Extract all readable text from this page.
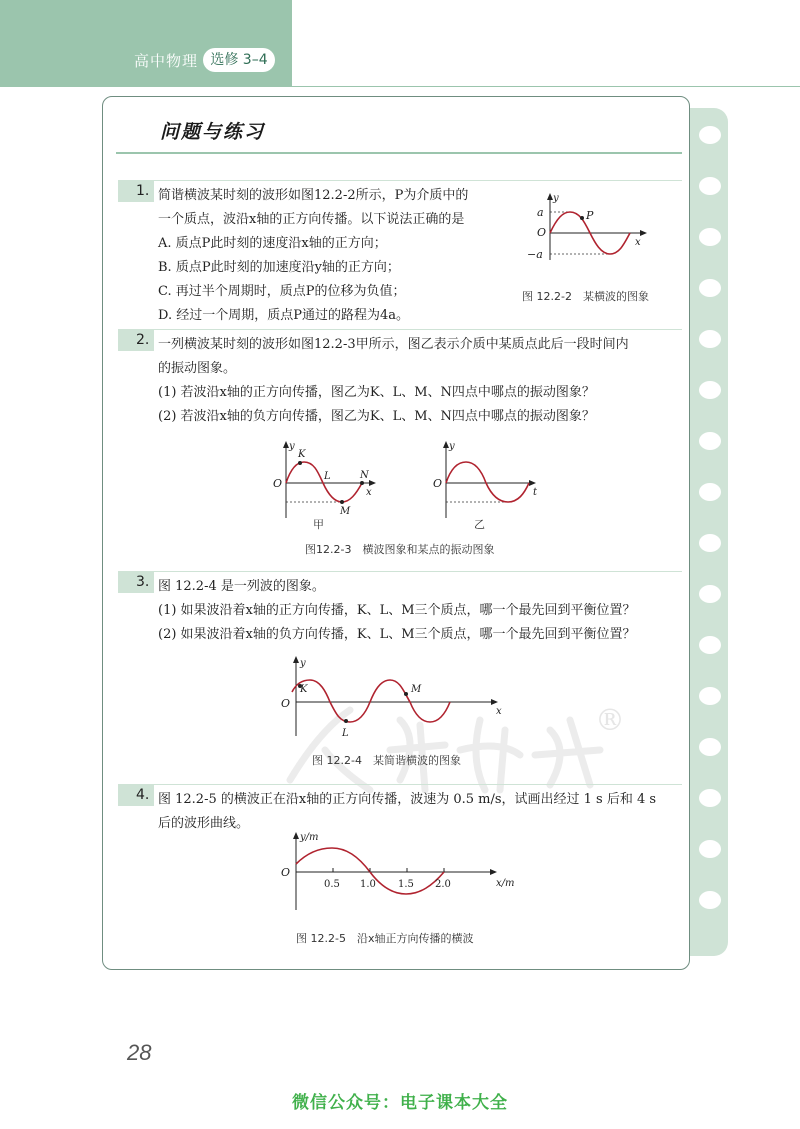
高中物理 选修 3–4
问题与练习
®
1. 简谐横波某时刻的波形如图12.2-2所示，P为介质中的
一个质点，波沿x轴的正方向传播。以下说法正确的是
A. 质点P此时刻的速度沿x轴的正方向；
B. 质点P此时刻的加速度沿y轴的正方向；
C. 再过半个周期时，质点P的位移为负值；
D. 经过一个周期，质点P通过的路程为4a。
y
x
O
a
−a
P
图 12.2-2　某横波的图象
2. 一列横波某时刻的波形如图12.2-3甲所示，图乙表示介质中某质点此后一段时间内
的振动图象。
(1) 若波沿x轴的正方向传播，图乙为K、L、M、N四点中哪点的振动图象？
(2) 若波沿x轴的负方向传播，图乙为K、L、M、N四点中哪点的振动图象？
y
x
O
K
L
M
N
甲
y
t
O
乙
图12.2-3　横波图象和某点的振动图象
3. 图 12.2-4 是一列波的图象。
(1) 如果波沿着x轴的正方向传播，K、L、M三个质点，哪一个最先回到平衡位置？
(2) 如果波沿着x轴的负方向传播，K、L、M三个质点，哪一个最先回到平衡位置？
y
x
O
K
L
M
图 12.2-4　某简谐横波的图象
4. 图 12.2-5 的横波正在沿x轴的正方向传播，波速为 0.5 m/s，试画出经过 1 s 后和 4 s
后的波形曲线。
y/m
x/m
O
0.5 1.0 1.5 2.0
图 12.2-5　沿x轴正方向传播的横波
28
微信公众号：电子课本大全
